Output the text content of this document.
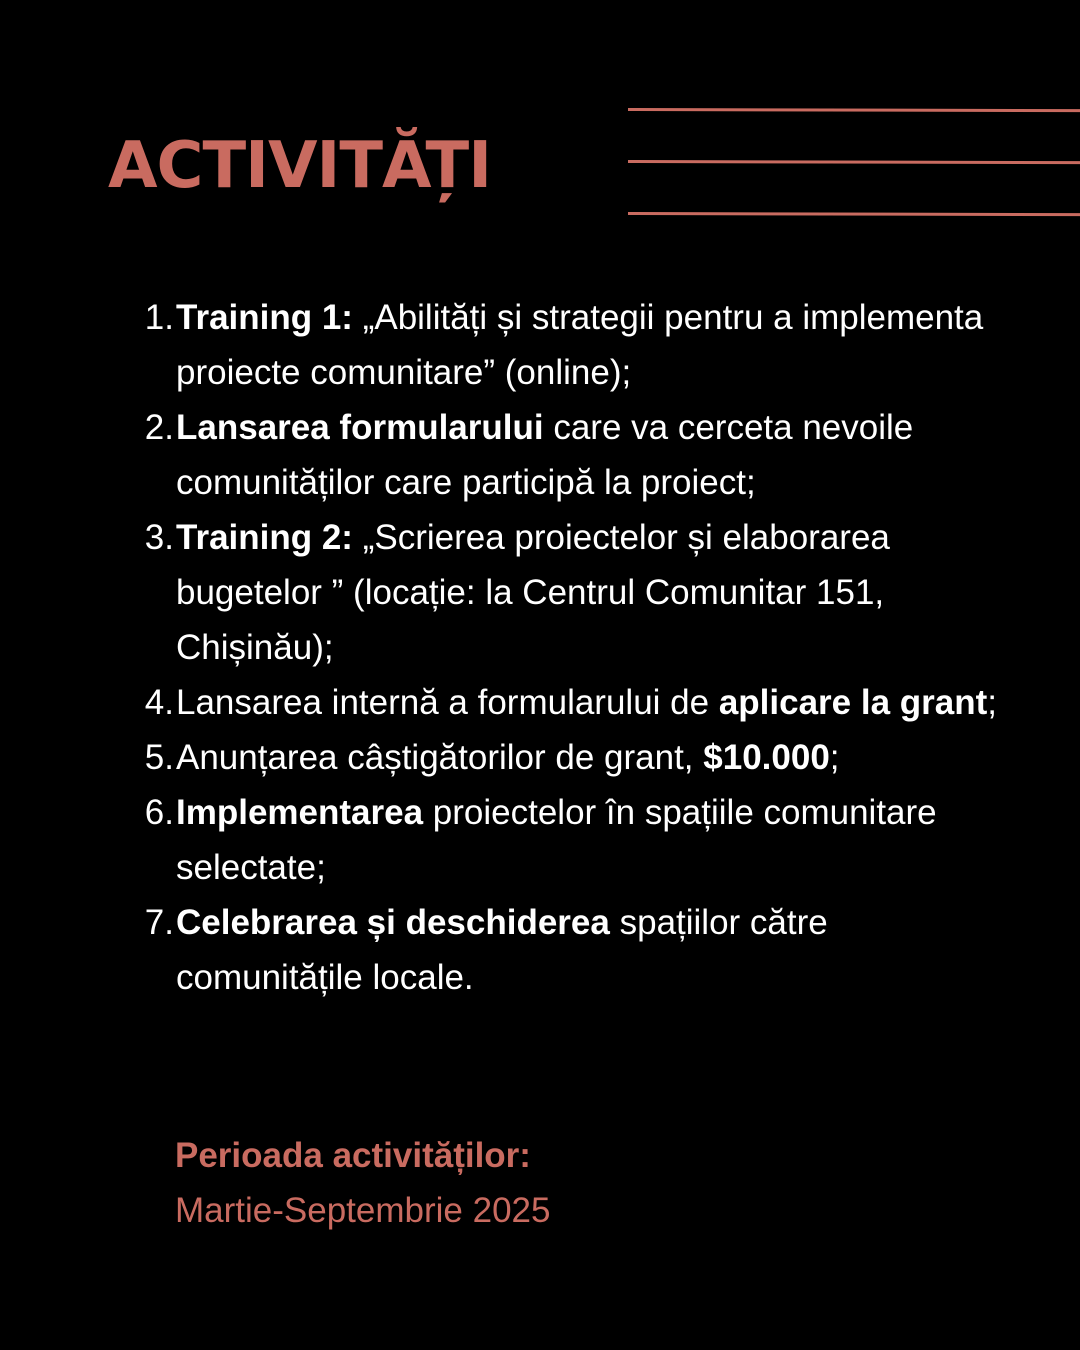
ACTIVITĂȚI
1. Training 1: „Abilități și strategii pentru a implementa proiecte comunitare” (online);
2. Lansarea formularului care va cerceta nevoile comunităților care participă la proiect;
3. Training 2: „Scrierea proiectelor și elaborarea bugetelor ” (locație: la Centrul Comunitar 151, Chișinău);
4. Lansarea internă a formularului de aplicare la grant;
5. Anunțarea câștigătorilor de grant, $10.000;
6. Implementarea proiectelor în spațiile comunitare selectate;
7. Celebrarea și deschiderea spațiilor către comunitățile locale.
Perioada activităților:
Martie-Septembrie 2025
